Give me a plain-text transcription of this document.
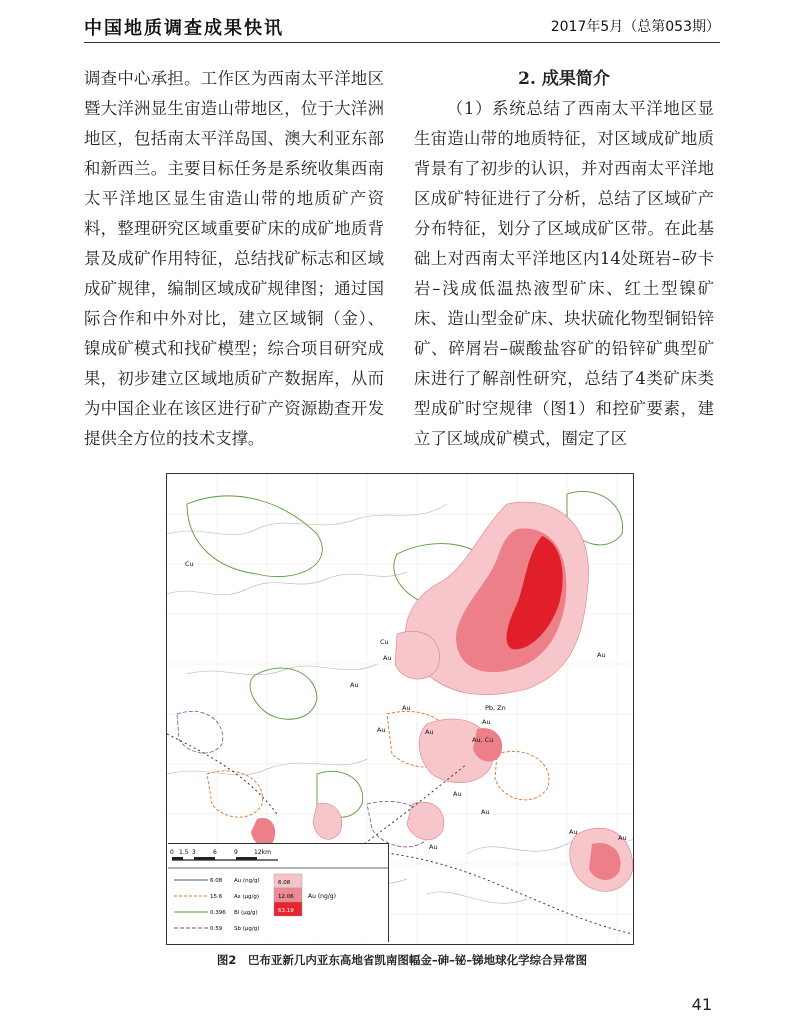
中国地质调查成果快讯	2017年5月（总第053期）

调查中心承担。工作区为西南太平洋地区暨大洋洲显生宙造山带地区，位于大洋洲地区，包括南太平洋岛国、澳大利亚东部和新西兰。主要目标任务是系统收集西南太平洋地区显生宙造山带的地质矿产资料，整理研究区域重要矿床的成矿地质背景及成矿作用特征，总结找矿标志和区域成矿规律，编制区域成矿规律图；通过国际合作和中外对比，建立区域铜（金）、镍成矿模式和找矿模型；综合项目研究成果，初步建立区域地质矿产数据库，从而为中国企业在该区进行矿产资源勘查开发提供全方位的技术支撑。

2. 成果简介

（1）系统总结了西南太平洋地区显生宙造山带的地质特征，对区域成矿地质背景有了初步的认识，并对西南太平洋地区成矿特征进行了分析，总结了区域矿产分布特征，划分了区域成矿区带。在此基础上对西南太平洋地区内14处斑岩–矽卡岩–浅成低温热液型矿床、红土型镍矿床、造山型金矿床、块状硫化物型铜铅锌矿、碎屑岩–碳酸盐容矿的铅锌矿典型矿床进行了解剖性研究，总结了4类矿床类型成矿时空规律（图1）和控矿要素，建立了区域成矿模式，圈定了区

Cu
Cu
Au
Au
Au
Au
Pb, Zn
Au
Au, Cu
Au
Au
Au
Au
Au
Au
Au
0 1.5 3	6	9	12km
6.08 Au (ng/g)
15.6 As (μg/g)
0.396 Bi (μg/g)
0.59 Sb (μg/g)
6.08
12.06
63.19
Au (ng/g)
图2　巴布亚新几内亚东高地省凯南图幅金–砷–铋–锑地球化学综合异常图
41
